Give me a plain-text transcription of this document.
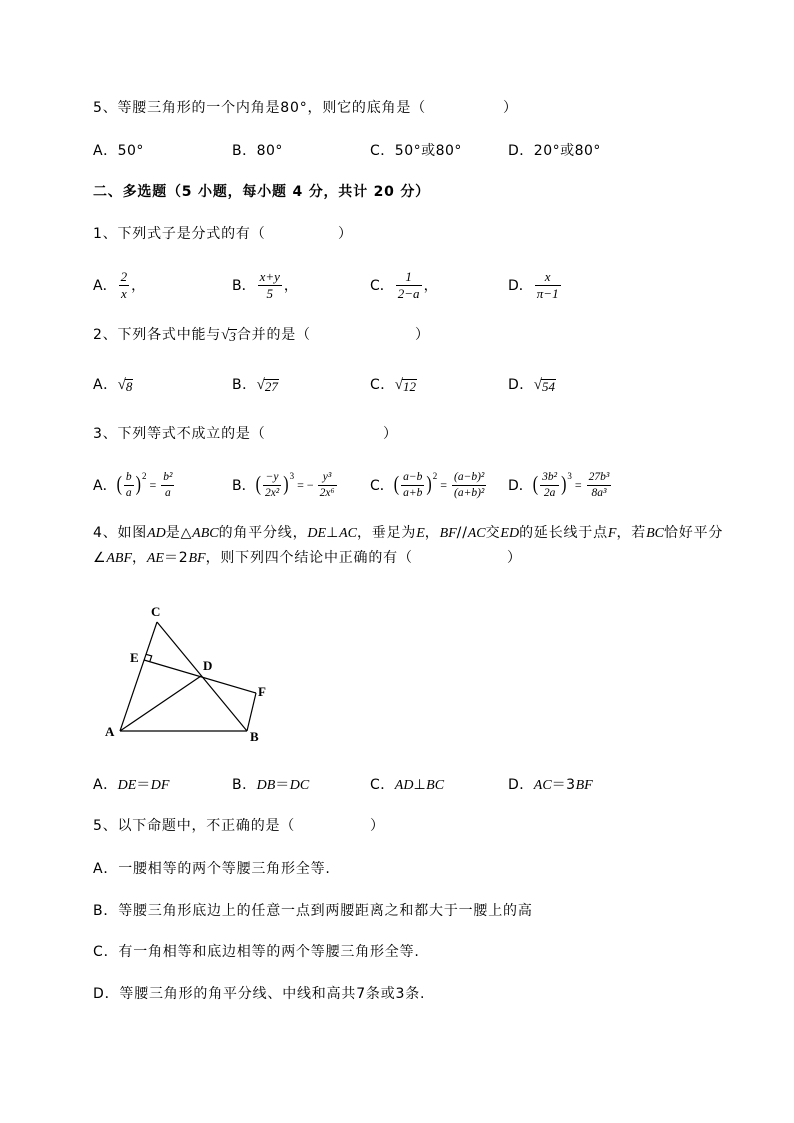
5、等腰三角形的一个内角是80°，则它的底角是（	）
A．50°	B．80°	C．50°或80°	D．20°或80°
二、多选题（5 小题，每小题 4 分，共计 20 分）
1、下列式子是分式的有（	）
A． $\frac{2}{x}$ ，	B． $\frac{x+y}{5}$ ，	C． $\frac{1}{2-a}$ ，	D． $\frac{x}{\pi-1}$
2、下列各式中能与 √ 3 合并的是（	）
A． √ 8	B． √ 27	C． √ 12	D． √ 54
3、下列等式不成立的是（	）
A． ( $\frac{b}{a}$ ) 2
= $\frac{\text{b²}}{a}$	B． ( $\frac{-y}{\text{2x²}}$ ) 3
= − $\frac{\text{y³}}{\text{2x⁶}}$ C． ( $\frac{a-b}{a+b}$ ) 2
= $\frac{\text{(a−b)²}}{\text{(a+b)²}}$ D． ( $\frac{\text{3b²}}{2a}$ ) 3
= $\frac{\text{27b³}}{\text{8a³}}$
4、如图AD是△ABC的角平分线，DE⊥AC，垂足为E，BF//AC交ED的延长线于点F，若BC恰好平分
∠ABF，AE＝2BF，则下列四个结论中正确的有（	）
C
E
D
F
A	B
A．DE＝DF	B．DB＝DC	C．AD⊥BC	D．AC＝3BF
5、以下命题中，不正确的是（	）
A．一腰相等的两个等腰三角形全等.
B．等腰三角形底边上的任意一点到两腰距离之和都大于一腰上的高
C．有一角相等和底边相等的两个等腰三角形全等.
D．等腰三角形的角平分线、中线和高共7条或3条.
